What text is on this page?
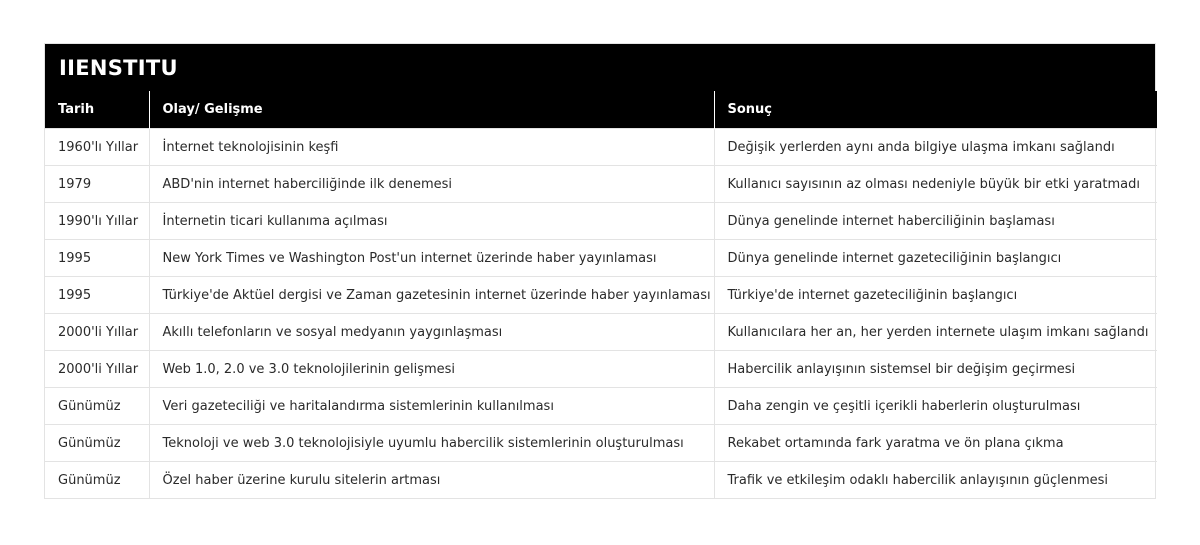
IIENSTITU
Tarih	Olay/ Gelişme	Sonuç
1960'lı Yıllar	İnternet teknolojisinin keşfi	Değişik yerlerden aynı anda bilgiye ulaşma imkanı sağlandı
1979	ABD'nin internet haberciliğinde ilk denemesi	Kullanıcı sayısının az olması nedeniyle büyük bir etki yaratmadı
1990'lı Yıllar	İnternetin ticari kullanıma açılması	Dünya genelinde internet haberciliğinin başlaması
1995	New York Times ve Washington Post'un internet üzerinde haber yayınlaması	Dünya genelinde internet gazeteciliğinin başlangıcı
1995	Türkiye'de Aktüel dergisi ve Zaman gazetesinin internet üzerinde haber yayınlaması	Türkiye'de internet gazeteciliğinin başlangıcı
2000'li Yıllar	Akıllı telefonların ve sosyal medyanın yaygınlaşması	Kullanıcılara her an, her yerden internete ulaşım imkanı sağlandı
2000'li Yıllar	Web 1.0, 2.0 ve 3.0 teknolojilerinin gelişmesi	Habercilik anlayışının sistemsel bir değişim geçirmesi
Günümüz	Veri gazeteciliği ve haritalandırma sistemlerinin kullanılması	Daha zengin ve çeşitli içerikli haberlerin oluşturulması
Günümüz	Teknoloji ve web 3.0 teknolojisiyle uyumlu habercilik sistemlerinin oluşturulması	Rekabet ortamında fark yaratma ve ön plana çıkma
Günümüz	Özel haber üzerine kurulu sitelerin artması	Trafik ve etkileşim odaklı habercilik anlayışının güçlenmesi
